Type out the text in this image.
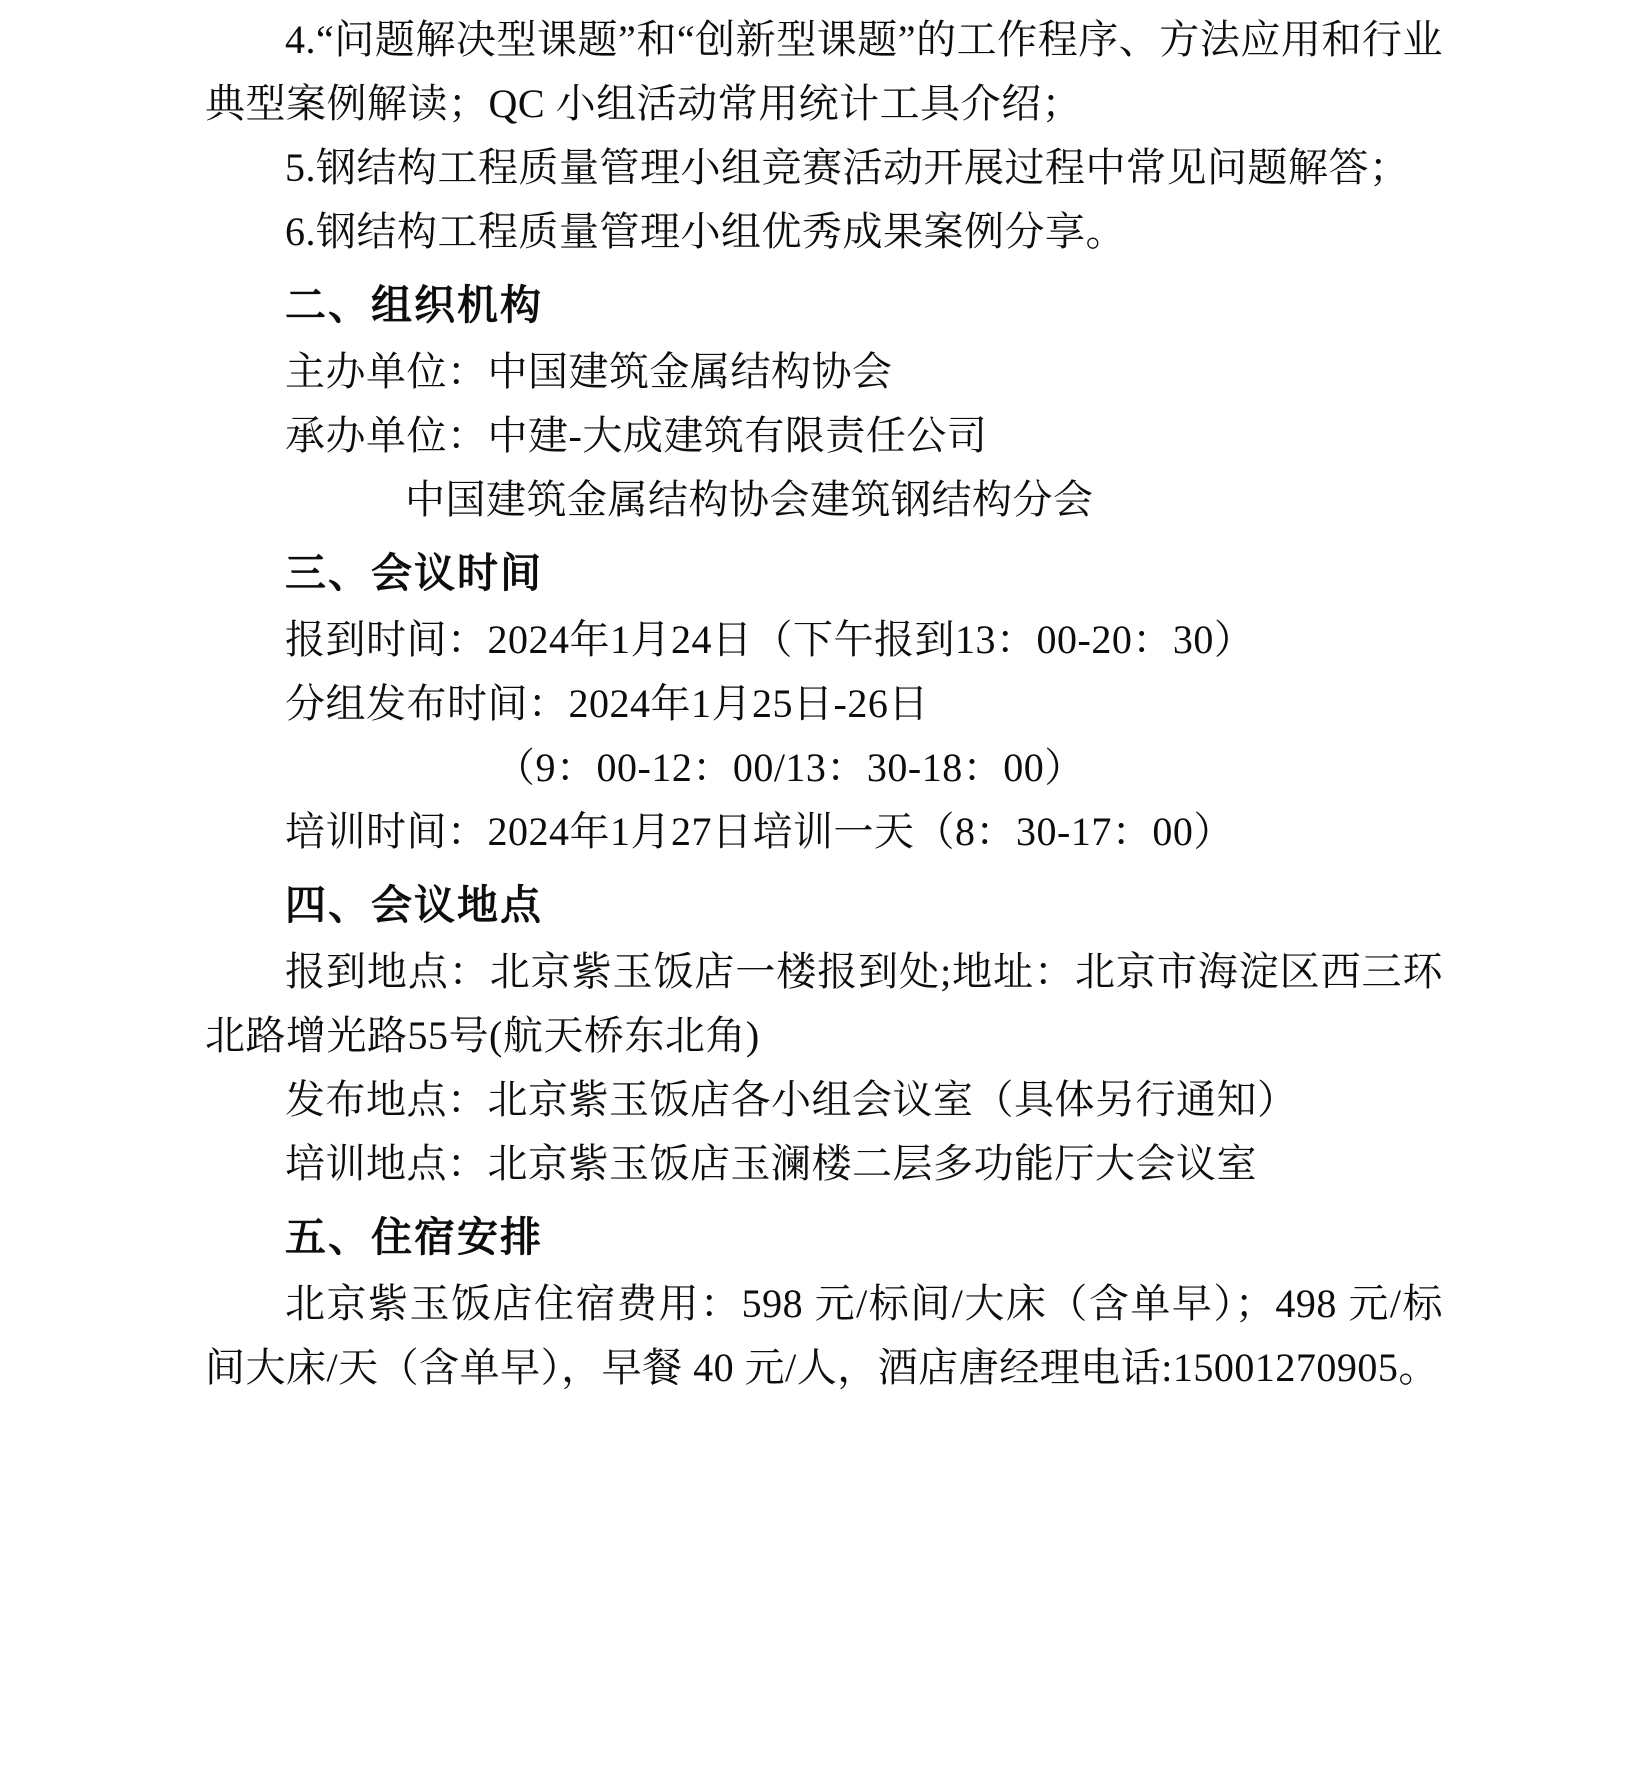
4.“问题解决型课题”和“创新型课题”的工作程序、方法应用和行业典型案例解读；QC 小组活动常用统计工具介绍；

5.钢结构工程质量管理小组竞赛活动开展过程中常见问题解答；

6.钢结构工程质量管理小组优秀成果案例分享。

二、组织机构

主办单位：中国建筑金属结构协会

承办单位：中建-大成建筑有限责任公司

中国建筑金属结构协会建筑钢结构分会

三、会议时间

报到时间：2024年1月24日（下午报到13：00-20：30）

分组发布时间：2024年1月25日-26日

（9：00-12：00/13：30-18：00）

培训时间：2024年1月27日培训一天（8：30-17：00）

四、会议地点

报到地点：北京紫玉饭店一楼报到处;地址：北京市海淀区西三环北路增光路55号(航天桥东北角)

发布地点：北京紫玉饭店各小组会议室（具体另行通知）

培训地点：北京紫玉饭店玉澜楼二层多功能厅大会议室

五、住宿安排

北京紫玉饭店住宿费用：598 元/标间/大床（含单早）；498 元/标间大床/天（含单早），早餐 40 元/人，酒店唐经理电话:15001270905。
